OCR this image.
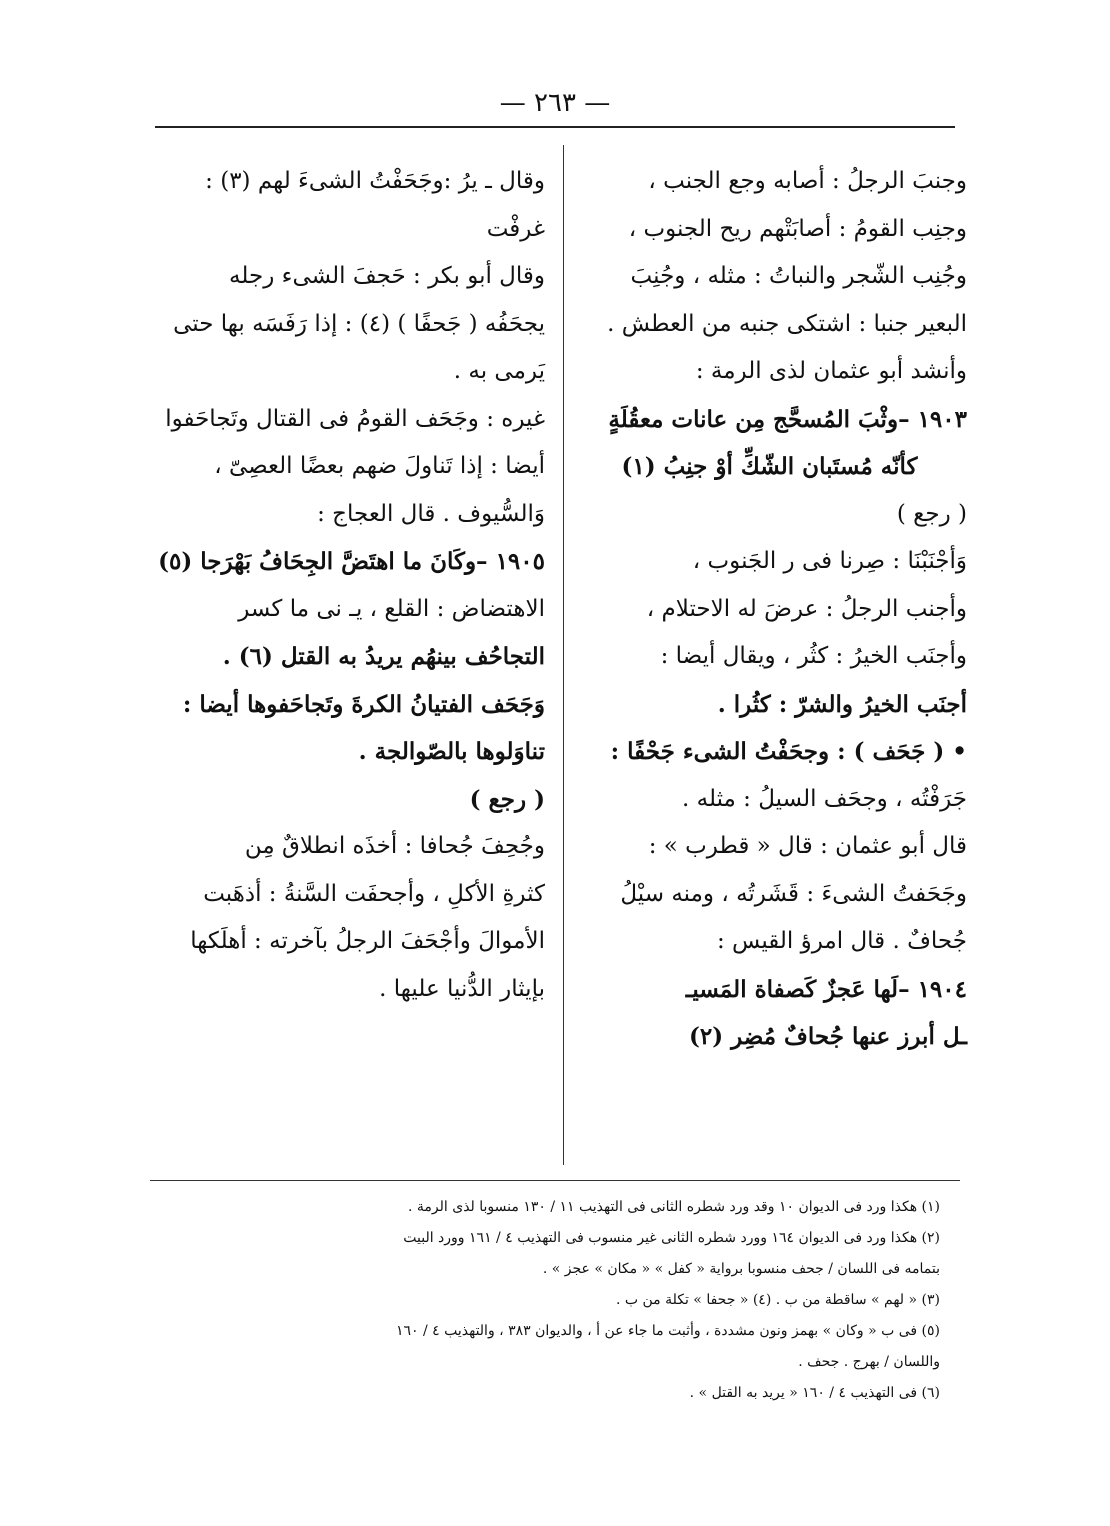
— ٢٦٣ —
وجنبَ الرجلُ : أصابه وجع الجنب ،
وجنِب القومُ : أصابَتْهم ريح الجنوب ،
وجُنِب الشّجر والنباتُ : مثله ، وجُنِبَ
البعير جنبا : اشتكى جنبه من العطش .
وأنشد أبو عثمان لذى الرمة :
١٩٠٣ –وثْبَ المُسحَّج مِن عانات معقُلَةٍ
كأنّه مُستَبان الشّكِّ أوْ جنِبُ (١)
( رجع )
وَأجْنَبْنَا : صِرنا فى ر الجَنوب ،
وأجنب الرجلُ : عرضَ له الاحتلام ،
وأجنَب الخيرُ : كثُر ، ويقال أيضا :
أجنَب الخيرُ والشرّ : كثُرا .
• ( جَحَف ) : وجحَفْتُ الشىء جَحْفًا :
جَرَفْتُه ، وجحَف السيلُ : مثله .
قال أبو عثمان : قال « قطرب » :
وجَحَفتُ الشىءَ : قَشَرتُه ، ومنه سيْلُ
جُحافٌ . قال امرؤ القيس :
١٩٠٤ –لَها عَجزٌ كَصفاة المَسيـ
ـل أبرز عنها جُحافٌ مُضِر (٢)
وقال ـ يرُ :وجَحَفْتُ الشىءَ لهم (٣) :
غرفْت
وقال أبو بكر : حَجفَ الشىء رجله
يجحَفُه ( جَحفًا ) (٤) : إذا رَفَسَه بها حتى
يَرمى به .
غيره : وجَحَف القومُ فى القتال وتَجاحَفوا
أيضا : إذا تَناولَ ضهم بعضًا العصِىّ ،
وَالسُّيوف . قال العجاج :
١٩٠٥ –وكَانَ ما اهتَضَّ الجِحَافُ بَهْرَجا (٥)
الاهتضاض : القلع ، يـ نى ما كسر
التجاحُف بينهُم يريدُ به القتل (٦) .
وَجَحَف الفتيانُ الكرةَ وتَجاحَفوها أيضا :
تناوَلوها بالصّوالجة .
( رجع )
وجُحِفَ جُحافا : أخذَه انطلاقٌ مِن
كثرةِ الأكلِ ، وأجحفَت السَّنةُ : أذهَبت
الأموالَ وأجْحَفَ الرجلُ بآخرته : أهلَكها
بإيثار الدُّنيا عليها .
(١) هكذا ورد فى الديوان ١٠ وقد ورد شطره الثانى فى التهذيب ١١ / ١٣٠ منسوبا لذى الرمة .
(٢) هكذا ورد فى الديوان ١٦٤ وورد شطره الثانى غير منسوب فى التهذيب ٤ / ١٦١ وورد البيت
بتمامه فى اللسان / جحف منسوبا برواية « كفل » « مكان » عجز » .
(٣) « لهم » ساقطة من ب . (٤) « جحفا » تكلة من ب .
(٥) فى ب « وكان » بهمز ونون مشددة ، وأثبت ما جاء عن أ ، والديوان ٣٨٣ ، والتهذيب ٤ / ١٦٠
واللسان / بهرج . جحف .
(٦) فى التهذيب ٤ / ١٦٠ « يريد به القتل » .
